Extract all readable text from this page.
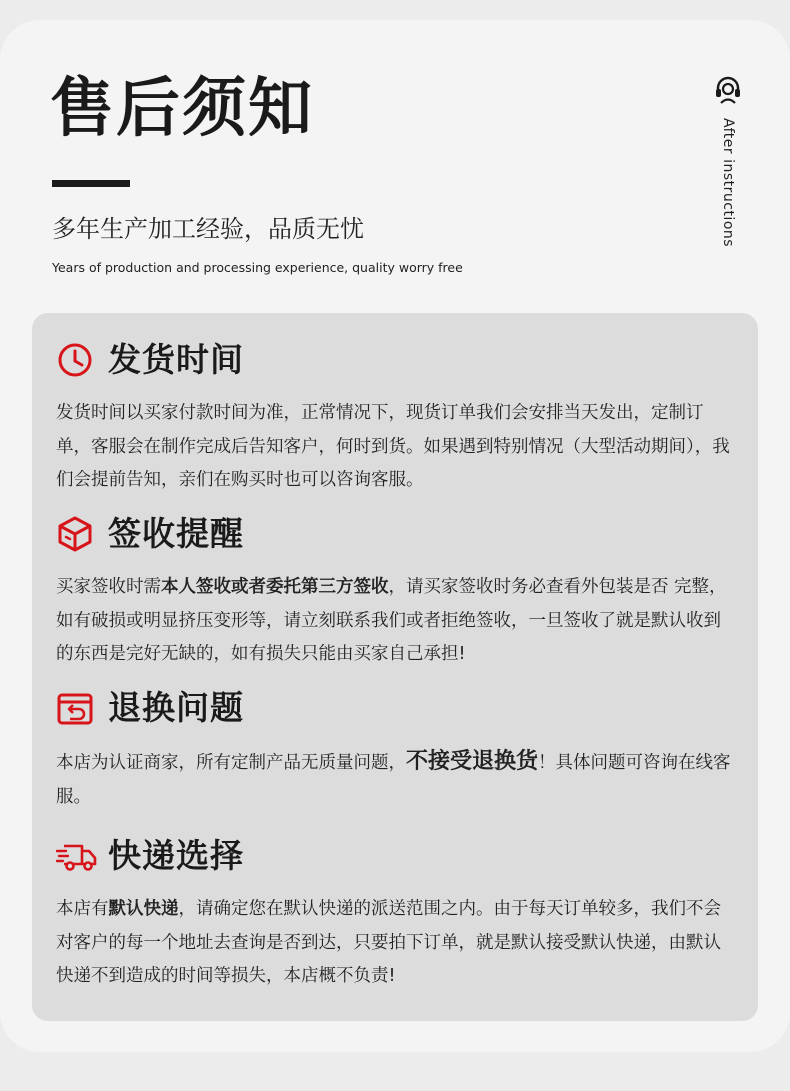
售后须知
多年生产加工经验，品质无忧
Years of production and processing experience, quality worry free
After instructions
发货时间
发货时间以买家付款时间为准，正常情况下，现货订单我们会安排当天发出，定制订单，客服会在制作完成后告知客户，何时到货。如果遇到特别情况（大型活动期间），我们会提前告知，亲们在购买时也可以咨询客服。
签收提醒
买家签收时需本人签收或者委托第三方签收，请买家签收时务必查看外包装是否 完整，如有破损或明显挤压变形等，请立刻联系我们或者拒绝签收，一旦签收了就是默认收到的东西是完好无缺的，如有损失只能由买家自己承担!
退换问题
本店为认证商家，所有定制产品无质量问题，不接受退换货！具体问题可咨询在线客服。
快递选择
本店有默认快递，请确定您在默认快递的派送范围之内。由于每天订单较多，我们不会对客户的每一个地址去查询是否到达，只要拍下订单，就是默认接受默认快递，由默认快递不到造成的时间等损失，本店概不负责!
